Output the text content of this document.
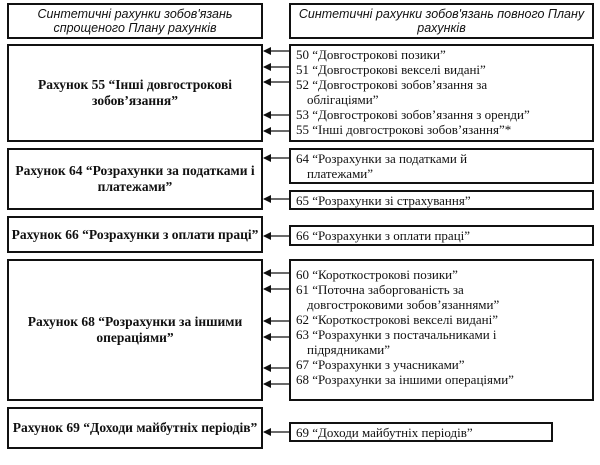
Синтетичні рахунки зобов'язань спрощеного Плану рахунків
Синтетичні рахунки зобов'язань повного Плану рахунків
Рахунок 55 “Інші довгострокові зобов’язання”
Рахунок 64 “Розрахунки за податками і платежами”
Рахунок 66 “Розрахунки з оплати праці”
Рахунок 68 “Розрахунки за іншими операціями”
Рахунок 69 “Доходи майбутніх періодів”
50 “Довгострокові позики”
51 “Довгострокові векселі видані”
52 “Довгострокові зобов’язання за
облігаціями”
53 “Довгострокові зобов’язання з оренди”
55 “Інші довгострокові зобов’язання”*
64 “Розрахунки за податками й
платежами”
65 “Розрахунки зі страхування”
66 “Розрахунки з оплати праці”
60 “Короткострокові позики”
61 “Поточна заборгованість за
довгостроковими зобов’язаннями”
62 “Короткострокові векселі видані”
63 “Розрахунки з постачальниками і
підрядниками”
67 “Розрахунки з учасниками”
68 “Розрахунки за іншими операціями”
69 “Доходи майбутніх періодів”
